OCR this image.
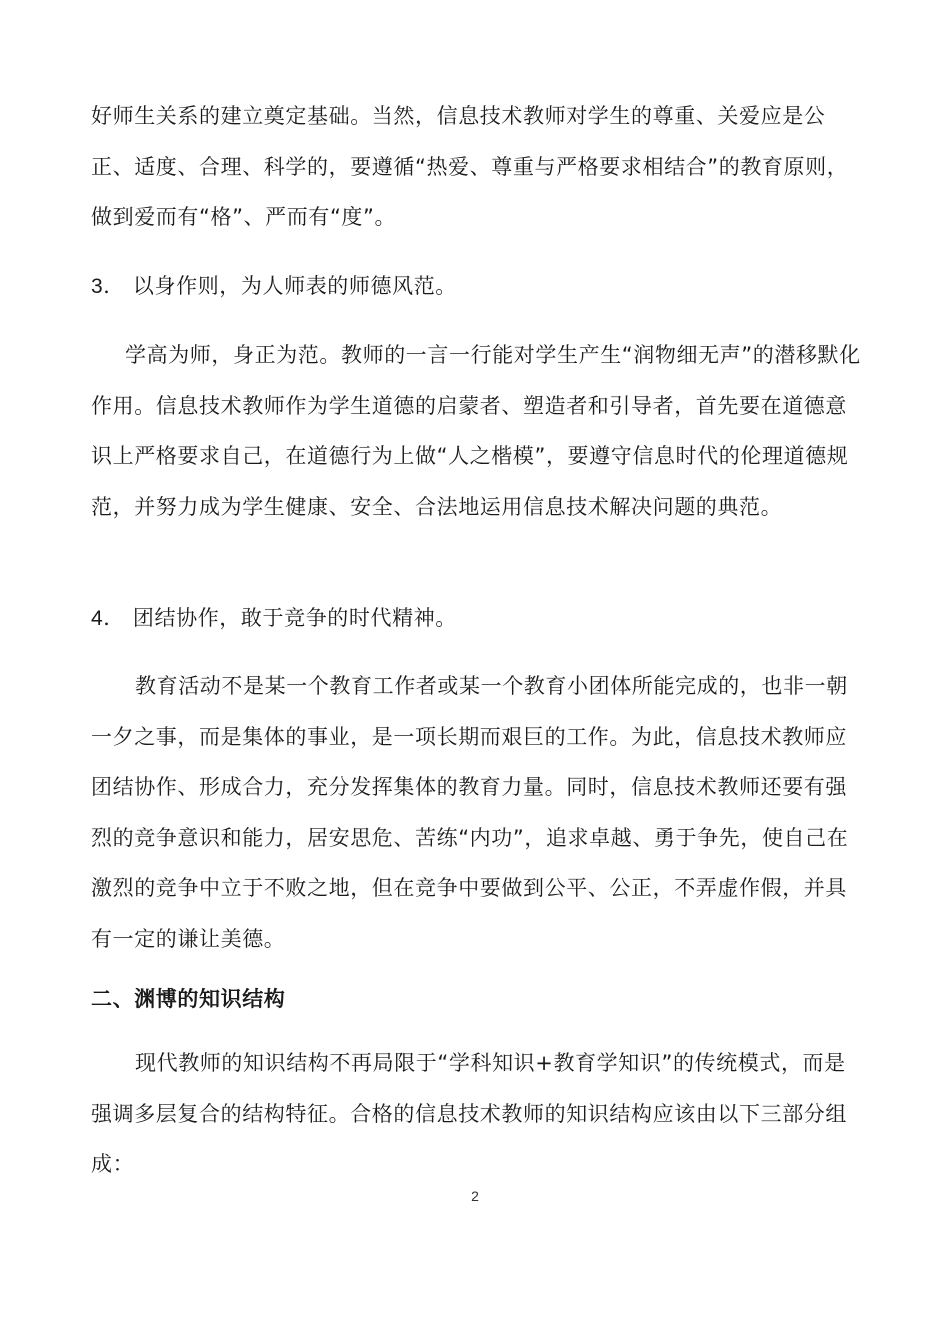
好师生关系的建立奠定基础。当然，信息技术教师对学生的尊重、关爱应是公正、适度、合理、科学的，要遵循“热爱、尊重与严格要求相结合”的教育原则，做到爱而有“格”、严而有“度”。

3． 以身作则，为人师表的师德风范。

学高为师，身正为范。教师的一言一行能对学生产生“润物细无声”的潜移默化作用。信息技术教师作为学生道德的启蒙者、塑造者和引导者，首先要在道德意识上严格要求自己，在道德行为上做“人之楷模”，要遵守信息时代的伦理道德规范，并努力成为学生健康、安全、合法地运用信息技术解决问题的典范。

4． 团结协作，敢于竞争的时代精神。

教育活动不是某一个教育工作者或某一个教育小团体所能完成的，也非一朝一夕之事，而是集体的事业，是一项长期而艰巨的工作。为此，信息技术教师应团结协作、形成合力，充分发挥集体的教育力量。同时，信息技术教师还要有强烈的竞争意识和能力，居安思危、苦练“内功”，追求卓越、勇于争先，使自己在激烈的竞争中立于不败之地，但在竞争中要做到公平、公正，不弄虚作假，并具有一定的谦让美德。

二、渊博的知识结构

现代教师的知识结构不再局限于“学科知识+教育学知识”的传统模式，而是强调多层复合的结构特征。合格的信息技术教师的知识结构应该由以下三部分组成：

2
